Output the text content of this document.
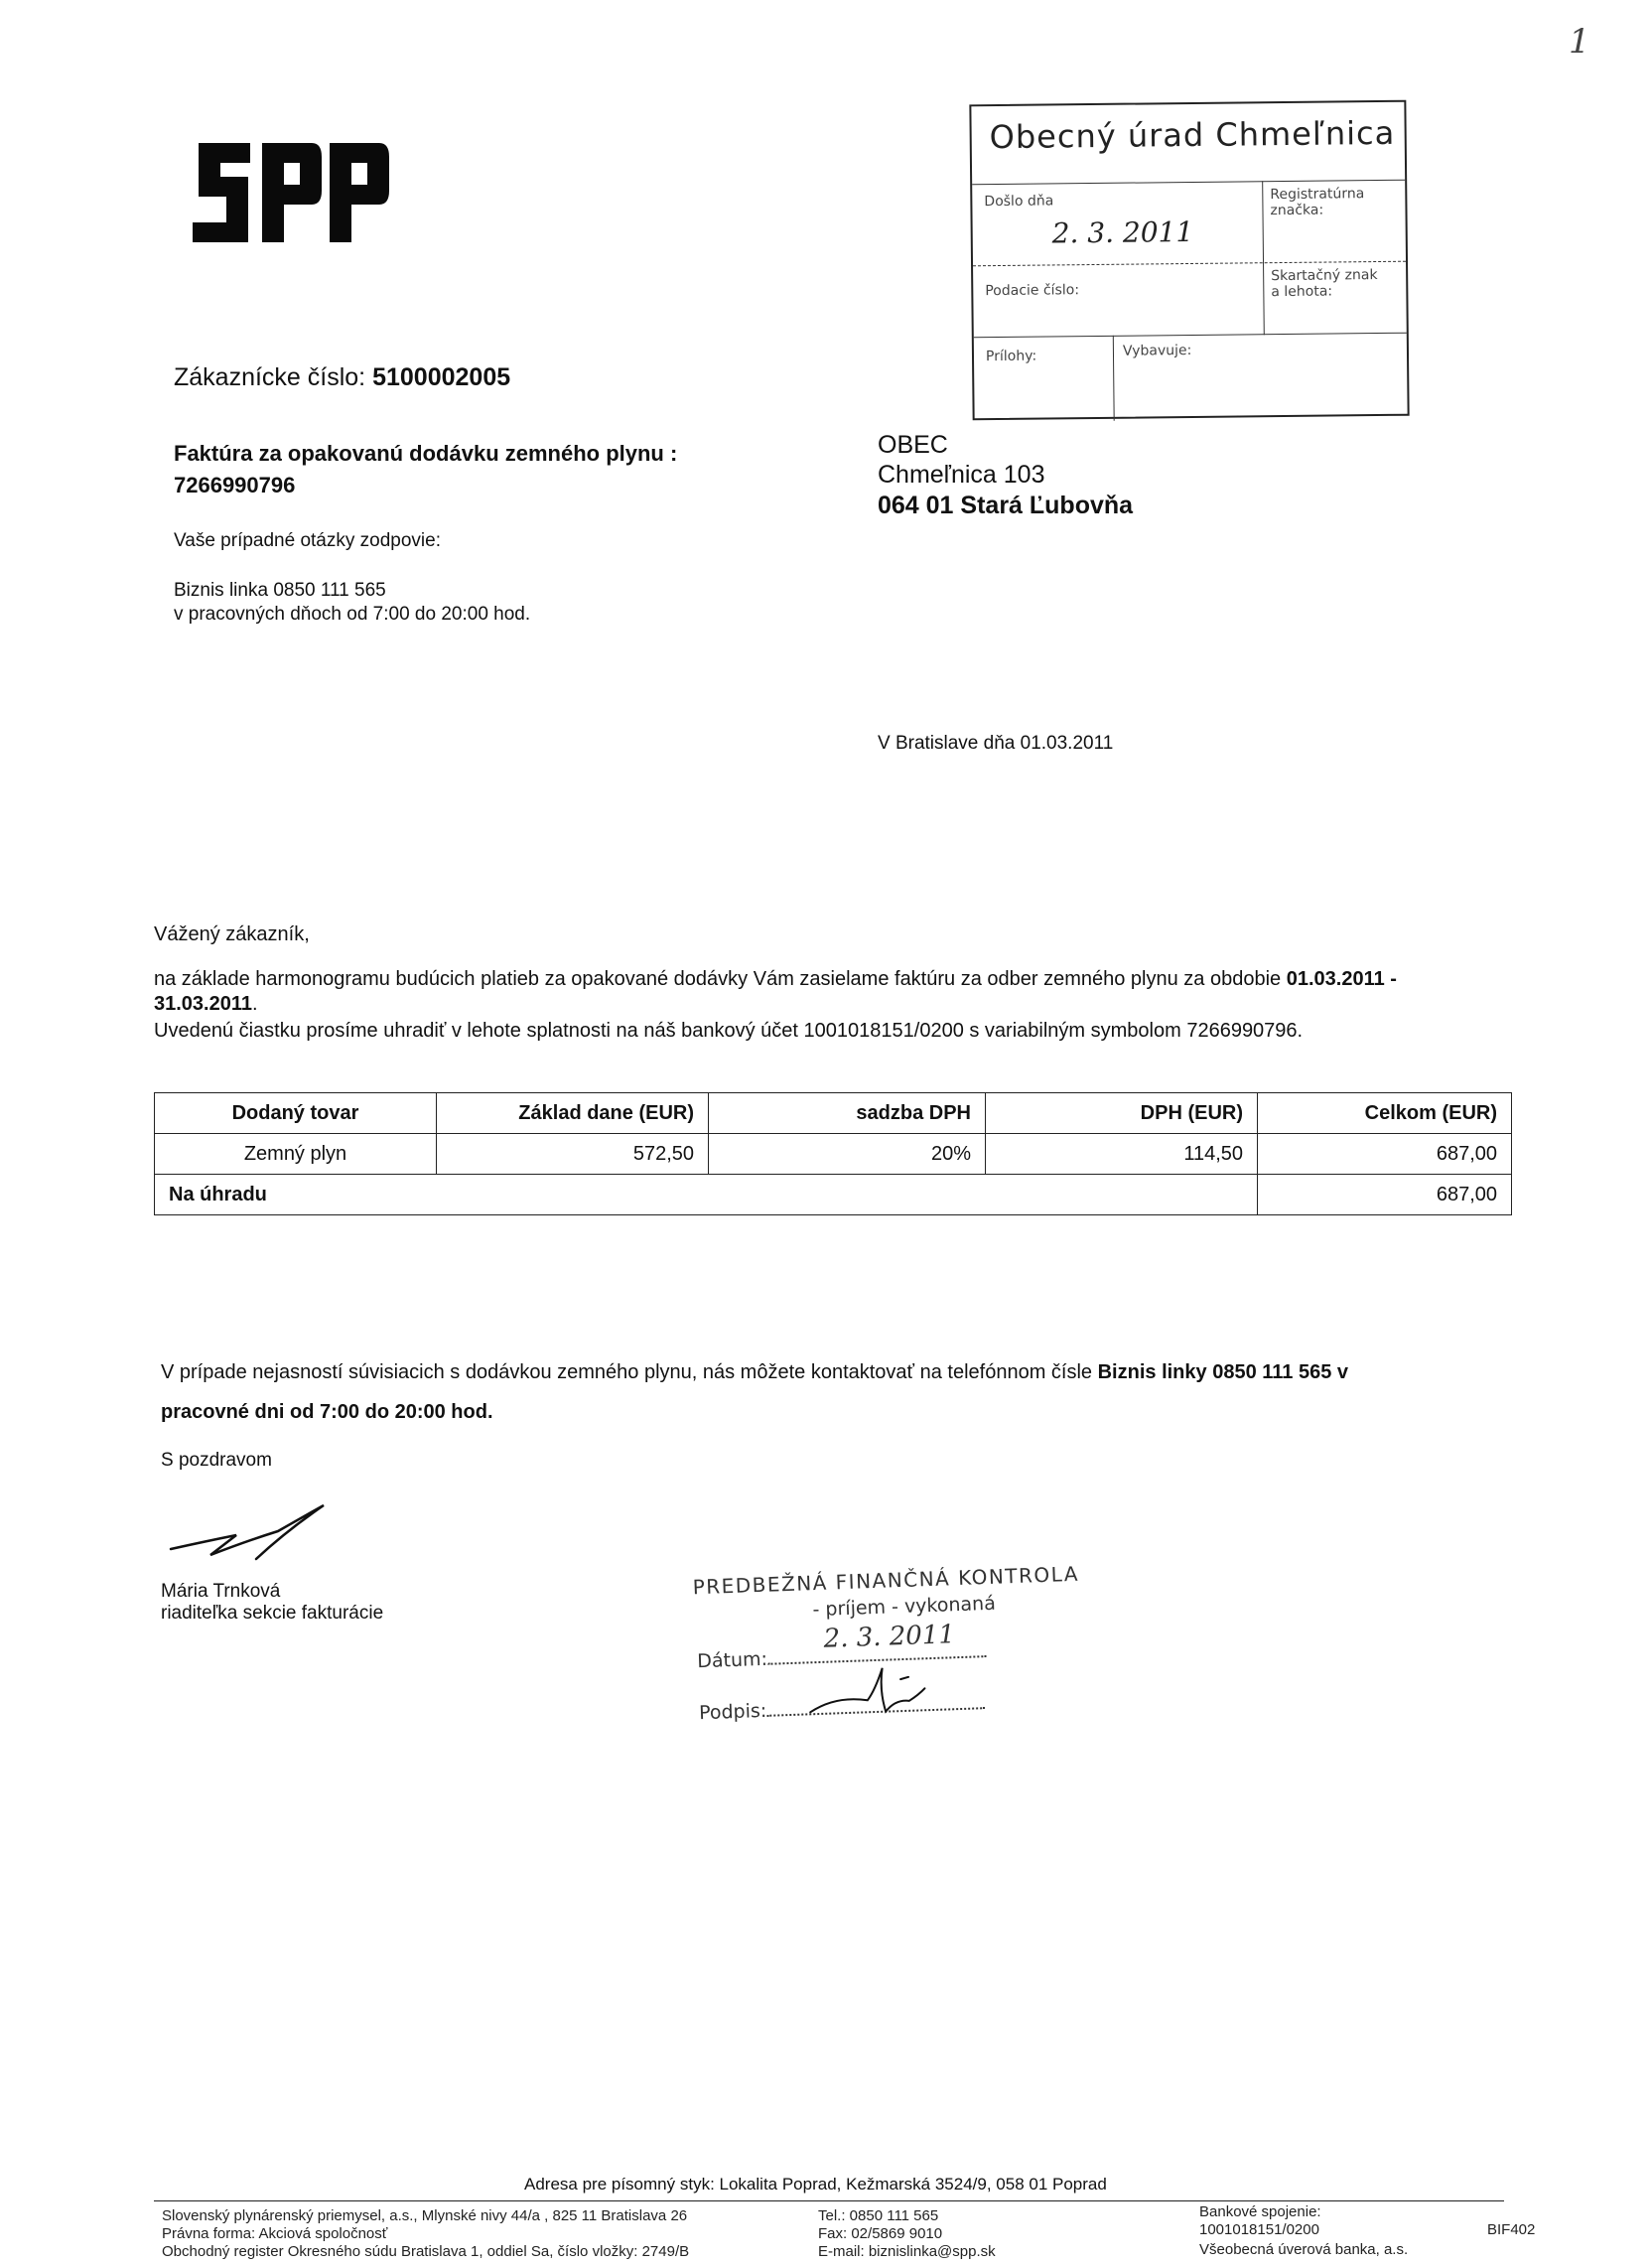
1
Obecný úrad Chmeľnica
Došlo dňa
2. 3. 2011
Registratúrna značka:
Podacie číslo:
Skartačný znak a lehota:
Prílohy:	Vybavuje:
Zákaznícke číslo: 5100002005
Faktúra za opakovanú dodávku zemného plynu :
7266990796
Vaše prípadné otázky zodpovie:
Biznis linka 0850 111 565
v pracovných dňoch od 7:00 do 20:00 hod.
OBEC
Chmeľnica 103
064 01 Stará Ľubovňa
V Bratislave dňa 01.03.2011
Vážený zákazník,
na základe harmonogramu budúcich platieb za opakované dodávky Vám zasielame faktúru za odber zemného plynu za obdobie 01.03.2011 -
31.03.2011.
Uvedenú čiastku prosíme uhradiť v lehote splatnosti na náš bankový účet 1001018151/0200 s variabilným symbolom 7266990796.
Dodaný tovar	Základ dane (EUR)	sadzba DPH	DPH (EUR)	Celkom (EUR)
Zemný plyn	572,50	20%	114,50	687,00
Na úhradu				687,00
V prípade nejasností súvisiacich s dodávkou zemného plynu, nás môžete kontaktovať na telefónnom čísle Biznis linky 0850 111 565 v
pracovné dni od 7:00 do 20:00 hod.
S pozdravom
Mária Trnková
riaditeľka sekcie fakturácie
PREDBEŽNÁ FINANČNÁ KONTROLA
- príjem - vykonaná
Dátum:
2. 3. 2011
Podpis:
Adresa pre písomný styk: Lokalita Poprad, Kežmarská 3524/9, 058 01 Poprad
Slovenský plynárenský priemysel, a.s., Mlynské nivy 44/a , 825 11 Bratislava 26
Právna forma: Akciová spoločnosť
Obchodný register Okresného súdu Bratislava 1, oddiel Sa, číslo vložky: 2749/B
Tel.: 0850 111 565
Fax: 02/5869 9010
E-mail: biznislinka@spp.sk
Bankové spojenie:
1001018151/0200
Všeobecná úverová banka, a.s.
BIF402
